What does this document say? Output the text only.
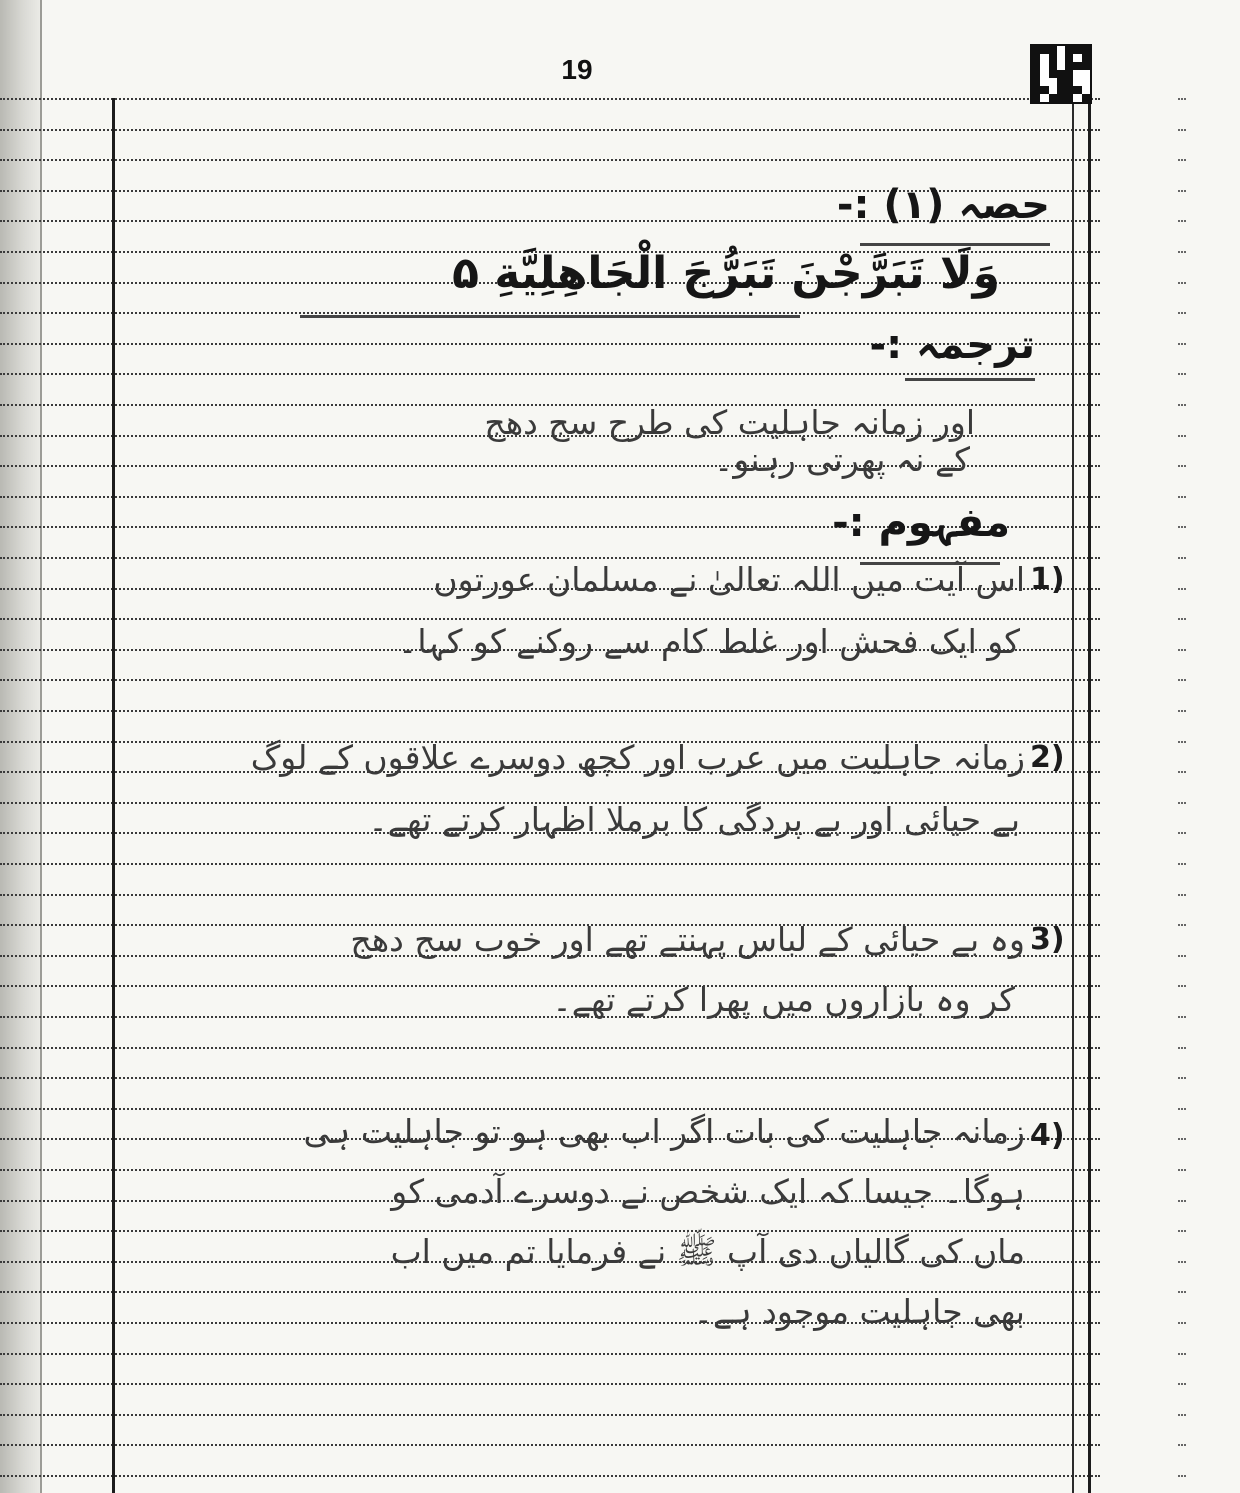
19
حصہ (۱) :-
وَلَا تَبَرَّجْنَ تَبَرُّجَ الْجَاهِلِيَّةِ ۵
ترجمہ :-
اور زمانہ جاہلیت کی طرح سج دھج
کے نہ پھرتی رہنو۔
مفہوم :-
1)
اس آیت میں اللہ تعالیٰ نے مسلمان عورتوں
کو ایک فحش اور غلط کام سے روکنے کو کہا۔
2)
زمانہ جاہلیت میں عرب اور کچھ دوسرے علاقوں کے لوگ
بے حیائی اور بے پردگی کا برملا اظہار کرتے تھے۔
3)
وہ بے حیائی کے لباس پہنتے تھے اور خوب سج دھج
کر وہ بازاروں میں پھرا کرتے تھے۔
4)
زمانہ جاہلیت کی بات اگر اب بھی ہو تو جاہلیت ہی
ہوگا۔ جیسا کہ ایک شخص نے دوسرے آدمی کو
ماں کی گالیاں دی آپ ﷺ نے فرمایا تم میں اب
بھی جاہلیت موجود ہے۔
